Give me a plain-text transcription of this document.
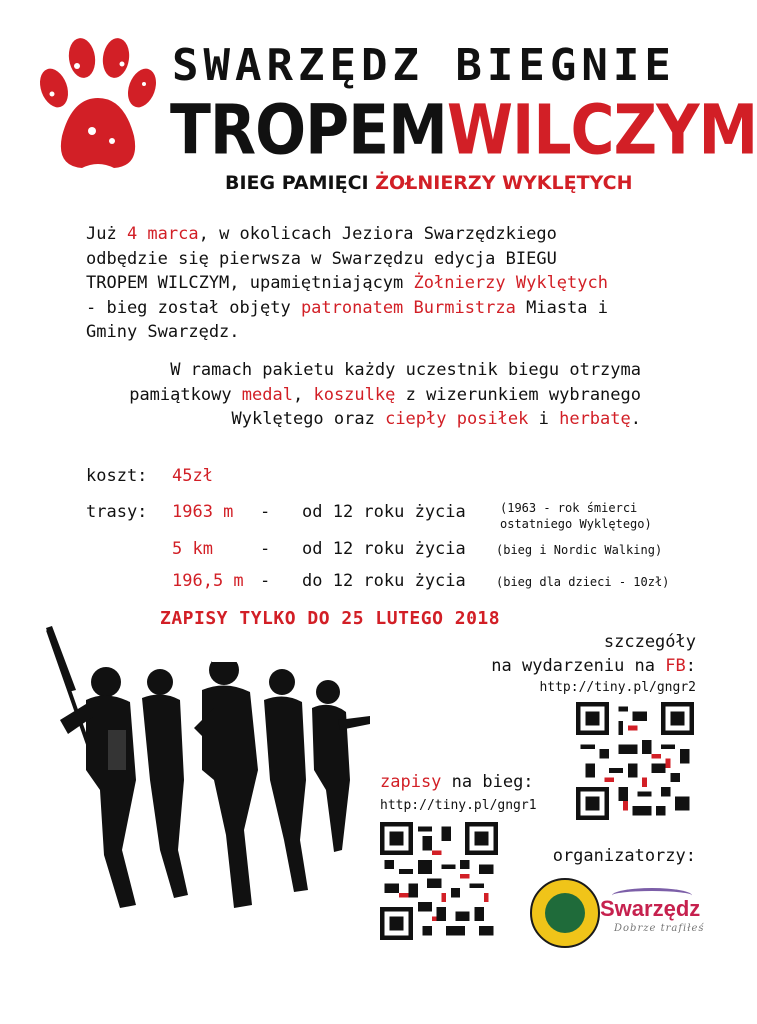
SWARZĘDZ BIEGNIE
TROPEMWILCZYM
BIEG PAMIĘCI ŻOŁNIERZY WYKLĘTYCH
Już 4 marca, w okolicach Jeziora Swarzędzkiego odbędzie się pierwsza w Swarzędzu edycja BIEGU TROPEM WILCZYM, upamiętniającym Żołnierzy Wyklętych - bieg został objęty patronatem Burmistrza Miasta i Gminy Swarzędz.
W ramach pakietu każdy uczestnik biegu otrzyma pamiątkowy medal, koszulkę z wizerunkiem wybranego Wyklętego oraz ciepły posiłek i herbatę.
koszt: 45zł
trasy: 1963 m - od 12 roku życia	(1963 - rok śmierci
ostatniego Wyklętego)
5 km	- od 12 roku życia	(bieg i Nordic Walking)
196,5 m - do 12 roku życia	(bieg dla dzieci - 10zł)
ZAPISY TYLKO DO 25 LUTEGO 2018
szczegóły
na wydarzeniu na FB:
http://tiny.pl/gngr2
zapisy na bieg:
http://tiny.pl/gngr1
organizatorzy:
Swarzędz
Dobrze trafiłeś
